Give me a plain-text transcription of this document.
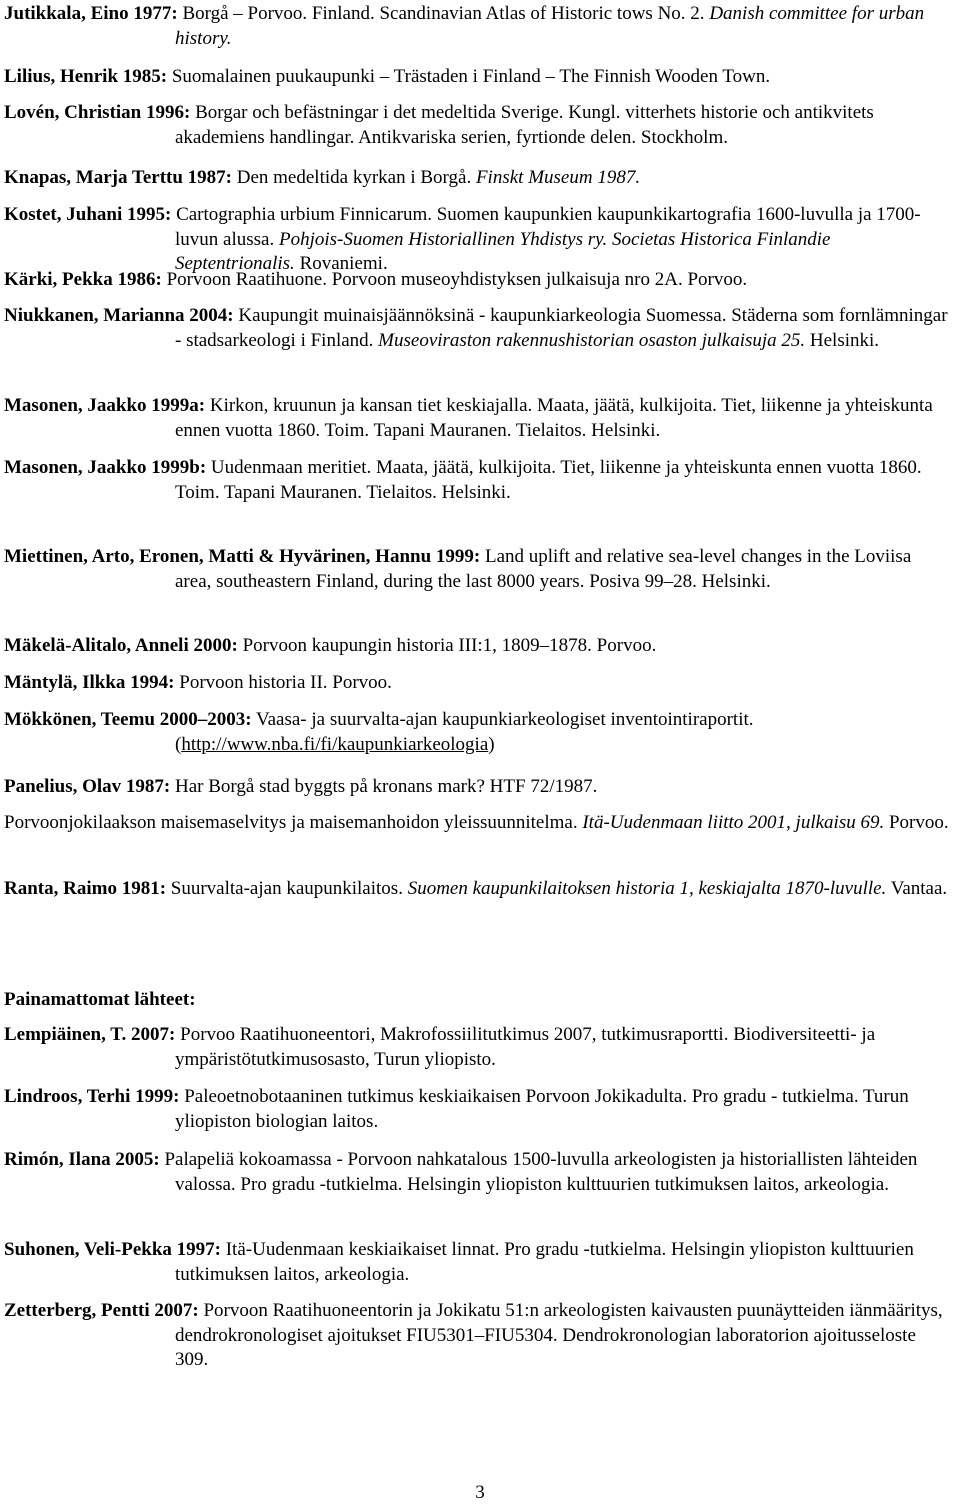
Jutikkala, Eino 1977: Borgå – Porvoo. Finland. Scandinavian Atlas of Historic tows No. 2. Danish committee for urban history.

Lilius, Henrik 1985: Suomalainen puukaupunki – Trästaden i Finland – The Finnish Wooden Town.

Lovén, Christian 1996: Borgar och befästningar i det medeltida Sverige. Kungl. vitterhets historie och antikvitets akademiens handlingar. Antikvariska serien, fyrtionde delen. Stockholm.

Knapas, Marja Terttu 1987: Den medeltida kyrkan i Borgå. Finskt Museum 1987.

Kostet, Juhani 1995: Cartographia urbium Finnicarum. Suomen kaupunkien kaupunkikartografia 1600-luvulla ja 1700-luvun alussa. Pohjois-Suomen Historiallinen Yhdistys ry. Societas Historica Finlandie Septentrionalis. Rovaniemi.

Kärki, Pekka 1986: Porvoon Raatihuone. Porvoon museoyhdistyksen julkaisuja nro 2A. Porvoo.

Niukkanen, Marianna 2004: Kaupungit muinaisjäännöksinä - kaupunkiarkeologia Suomessa. Städerna som fornlämningar - stadsarkeologi i Finland. Museoviraston rakennushistorian osaston julkaisuja 25. Helsinki.

Masonen, Jaakko 1999a: Kirkon, kruunun ja kansan tiet keskiajalla. Maata, jäätä, kulkijoita. Tiet, liikenne ja yhteiskunta ennen vuotta 1860. Toim. Tapani Mauranen. Tielaitos. Helsinki.

Masonen, Jaakko 1999b: Uudenmaan meritiet. Maata, jäätä, kulkijoita. Tiet, liikenne ja yhteiskunta ennen vuotta 1860. Toim. Tapani Mauranen. Tielaitos. Helsinki.

Miettinen, Arto, Eronen, Matti & Hyvärinen, Hannu 1999: Land uplift and relative sea-level changes in the Loviisa area, southeastern Finland, during the last 8000 years. Posiva 99–28. Helsinki.

Mäkelä-Alitalo, Anneli 2000: Porvoon kaupungin historia III:1, 1809–1878. Porvoo.

Mäntylä, Ilkka 1994: Porvoon historia II. Porvoo.

Mökkönen, Teemu 2000–2003: Vaasa- ja suurvalta-ajan kaupunkiarkeologiset inventointiraportit. (http://www.nba.fi/fi/kaupunkiarkeologia)

Panelius, Olav 1987: Har Borgå stad byggts på kronans mark? HTF 72/1987.

Porvoonjokilaakson maisemaselvitys ja maisemanhoidon yleissuunnitelma. Itä-Uudenmaan liitto 2001, julkaisu 69. Porvoo.

Ranta, Raimo 1981: Suurvalta-ajan kaupunkilaitos. Suomen kaupunkilaitoksen historia 1, keskiajalta 1870-luvulle. Vantaa.

Painamattomat lähteet:

Lempiäinen, T. 2007: Porvoo Raatihuoneentori, Makrofossiilitutkimus 2007, tutkimusraportti. Biodiversiteetti- ja ympäristötutkimusosasto, Turun yliopisto.

Lindroos, Terhi 1999: Paleoetnobotaaninen tutkimus keskiaikaisen Porvoon Jokikadulta. Pro gradu - tutkielma. Turun yliopiston biologian laitos.

Rimón, Ilana 2005: Palapeliä kokoamassa - Porvoon nahkatalous 1500-luvulla arkeologisten ja historiallisten lähteiden valossa. Pro gradu -tutkielma. Helsingin yliopiston kulttuurien tutkimuksen laitos, arkeologia.

Suhonen, Veli-Pekka 1997: Itä-Uudenmaan keskiaikaiset linnat. Pro gradu -tutkielma. Helsingin yliopiston kulttuurien tutkimuksen laitos, arkeologia.

Zetterberg, Pentti 2007: Porvoon Raatihuoneentorin ja Jokikatu 51:n arkeologisten kaivausten puunäytteiden iänmääritys, dendrokronologiset ajoitukset FIU5301–FIU5304. Dendrokronologian laboratorion ajoitusseloste 309.

3
